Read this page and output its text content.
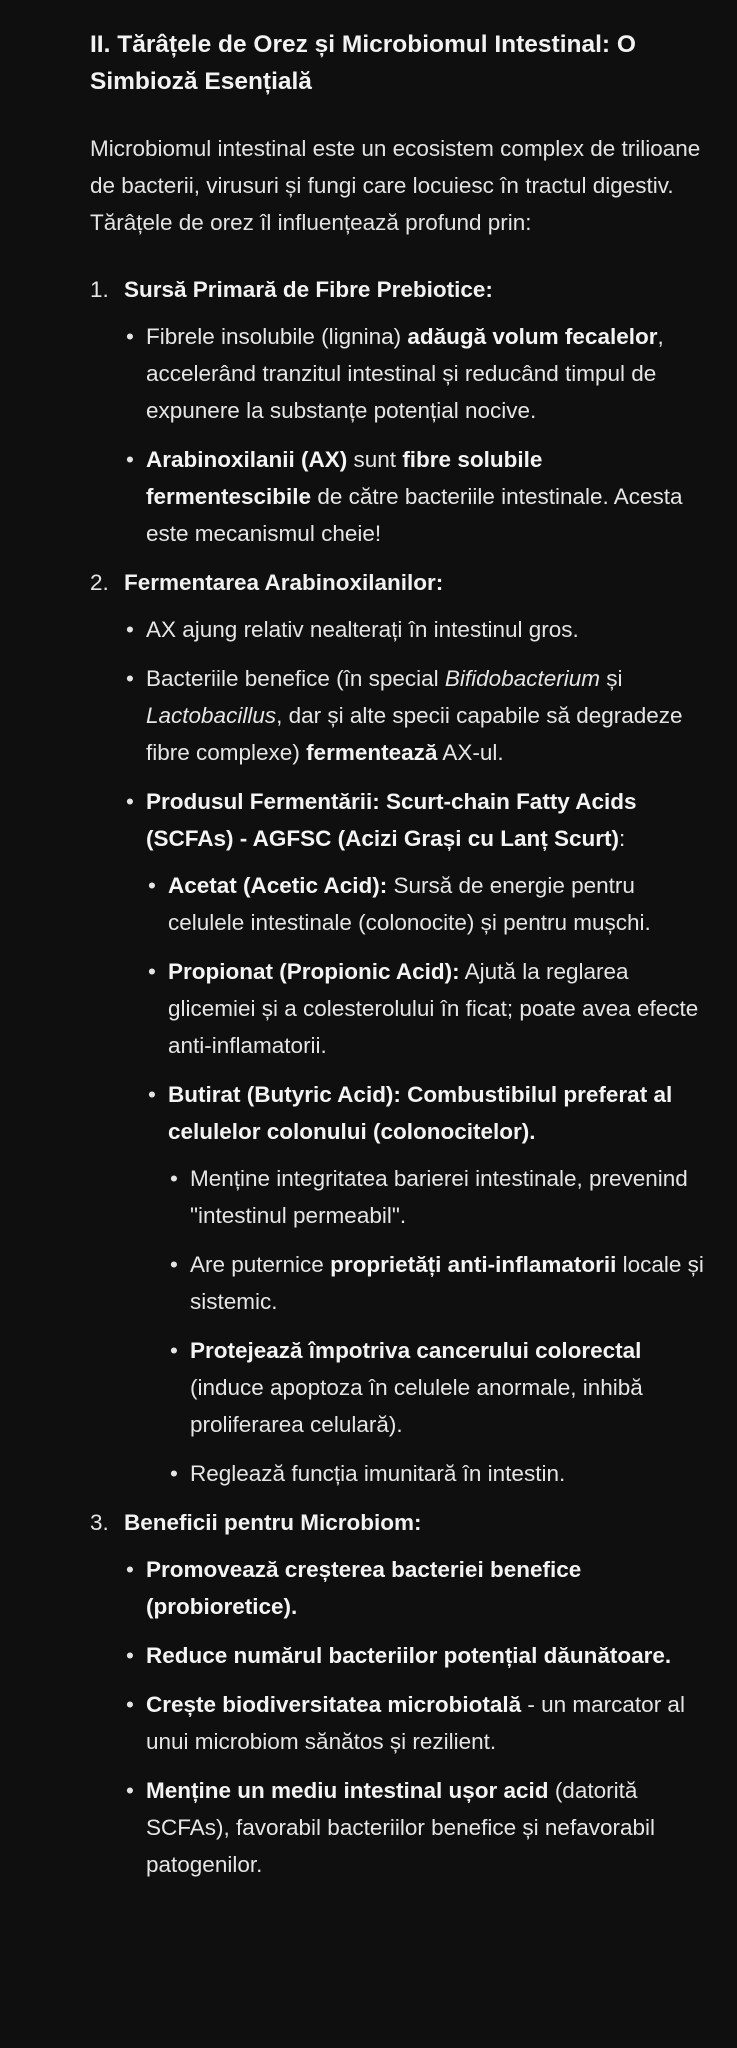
II. Tărâțele de Orez și Microbiomul Intestinal: O Simbioză Esențială

Microbiomul intestinal este un ecosistem complex de trilioane de bacterii, virusuri și fungi care locuiesc în tractul digestiv. Tărâțele de orez îl influențează profund prin:

1. Sursă Primară de Fibre Prebiotice:
• Fibrele insolubile (lignina) adăugă volum fecalelor, accelerând tranzitul intestinal și reducând timpul de expunere la substanțe potențial nocive.
• Arabinoxilanii (AX) sunt fibre solubile fermentescibile de către bacteriile intestinale. Acesta este mecanismul cheie!
2. Fermentarea Arabinoxilanilor:
• AX ajung relativ nealterați în intestinul gros.
• Bacteriile benefice (în special Bifidobacterium și Lactobacillus, dar și alte specii capabile să degradeze fibre complexe) fermentează AX-ul.
• Produsul Fermentării: Scurt-chain Fatty Acids (SCFAs) - AGFSC (Acizi Grași cu Lanț Scurt):
• Acetat (Acetic Acid): Sursă de energie pentru celulele intestinale (colonocite) și pentru mușchi.
• Propionat (Propionic Acid): Ajută la reglarea glicemiei și a colesterolului în ficat; poate avea efecte anti-inflamatorii.
• Butirat (Butyric Acid): Combustibilul preferat al celulelor colonului (colonocitelor).
• Menține integritatea barierei intestinale, prevenind "intestinul permeabil".
• Are puternice proprietăți anti-inflamatorii locale și sistemic.
• Protejează împotriva cancerului colorectal (induce apoptoza în celulele anormale, inhibă proliferarea celulară).
• Reglează funcția imunitară în intestin.
3. Beneficii pentru Microbiom:
• Promovează creșterea bacteriei benefice (probioretice).
• Reduce numărul bacteriilor potențial dăunătoare.
• Crește biodiversitatea microbiotală - un marcator al unui microbiom sănătos și rezilient.
• Menține un mediu intestinal ușor acid (datorită SCFAs), favorabil bacteriilor benefice și nefavorabil patogenilor.
